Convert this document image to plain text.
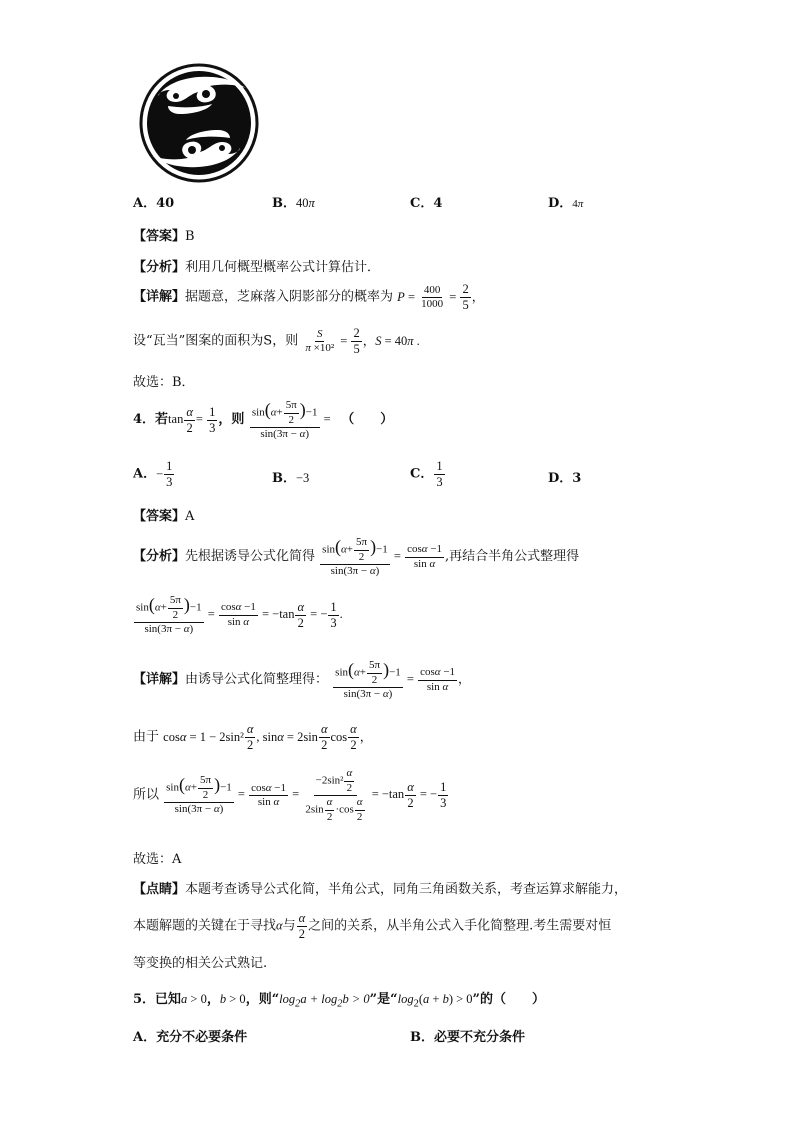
A．40	B．40π	C．4	D．4π
【答案】B
【分析】利用几何概型概率公式计算估计．
【详解】据题意，芝麻落入阴影部分的概率为 $P = \frac{400}{1000} = \frac{2}{5}$ ，
设“瓦当”图案的面积为S，则 $\frac{S}{\text{π ×10²}} = \frac{2}{5}$ ，S = 40π .
故选：B．
4．若$\tan \frac{\alpha}{2} = \frac{1}{3}$ ，则 $\frac{\sin(\alpha+ \frac{5\pi}{2} )-1}{\sin(3\pi - \alpha)}$ = （　　）
A．− $\frac{1}{3}$	B．−3	C． $\frac{1}{3}$	D．3
【答案】A
【分析】先根据诱导公式化简得 $\frac{\sin(\alpha+ \frac{5\pi}{2} )-1}{\sin(3\pi - \alpha)} = \frac{\cos\alpha -1}{\text{sin α}}$ ,再结合半角公式整理得
$\frac{\sin(\alpha+ \frac{5\pi}{2} )-1}{\sin(3\pi - \alpha)} = \frac{\cos\alpha -1}{\text{sin α}} = -\tan \frac{\alpha}{2}$ = − $\frac{1}{3}$ .
【详解】由诱导公式化简整理得： $\frac{\sin(\alpha+ \frac{5\pi}{2} )-1}{\sin(3\pi - \alpha)} = \frac{\cos\alpha -1}{\text{sin α}}$ ，
由于 $\cos\alpha = 1 - 2\sin^2 \frac{\alpha}{2}$ , $\sin\alpha = 2\sin \frac{\alpha}{2}$ $\cos \frac{\alpha}{2}$ ，
所以 $\frac{\sin(\alpha+ \frac{5\pi}{2} )-1}{\sin(3\pi - \alpha)} = \frac{\cos\alpha -1}{\text{sin α}} = \frac{-2\sin^2 \frac{\alpha}{2}}{2\sin \frac{\alpha}{2} \cdot\cos \frac{\alpha}{2}} = -\tan \frac{\alpha}{2}$ = − $\frac{1}{3}$
故选：A
【点睛】本题考查诱导公式化简，半角公式，同角三角函数关系，考查运算求解能力，
本题解题的关键在于寻找α与 $\frac{\alpha}{2}$ 之间的关系，从半角公式入手化简整理.考生需要对恒
等变换的相关公式熟记.
5．已知a > 0，b > 0，则“$\log_2a + \log_2b > 0$”是“$\log_2(a + b) > 0$”的（　　）
A．充分不必要条件	B．必要不充分条件
